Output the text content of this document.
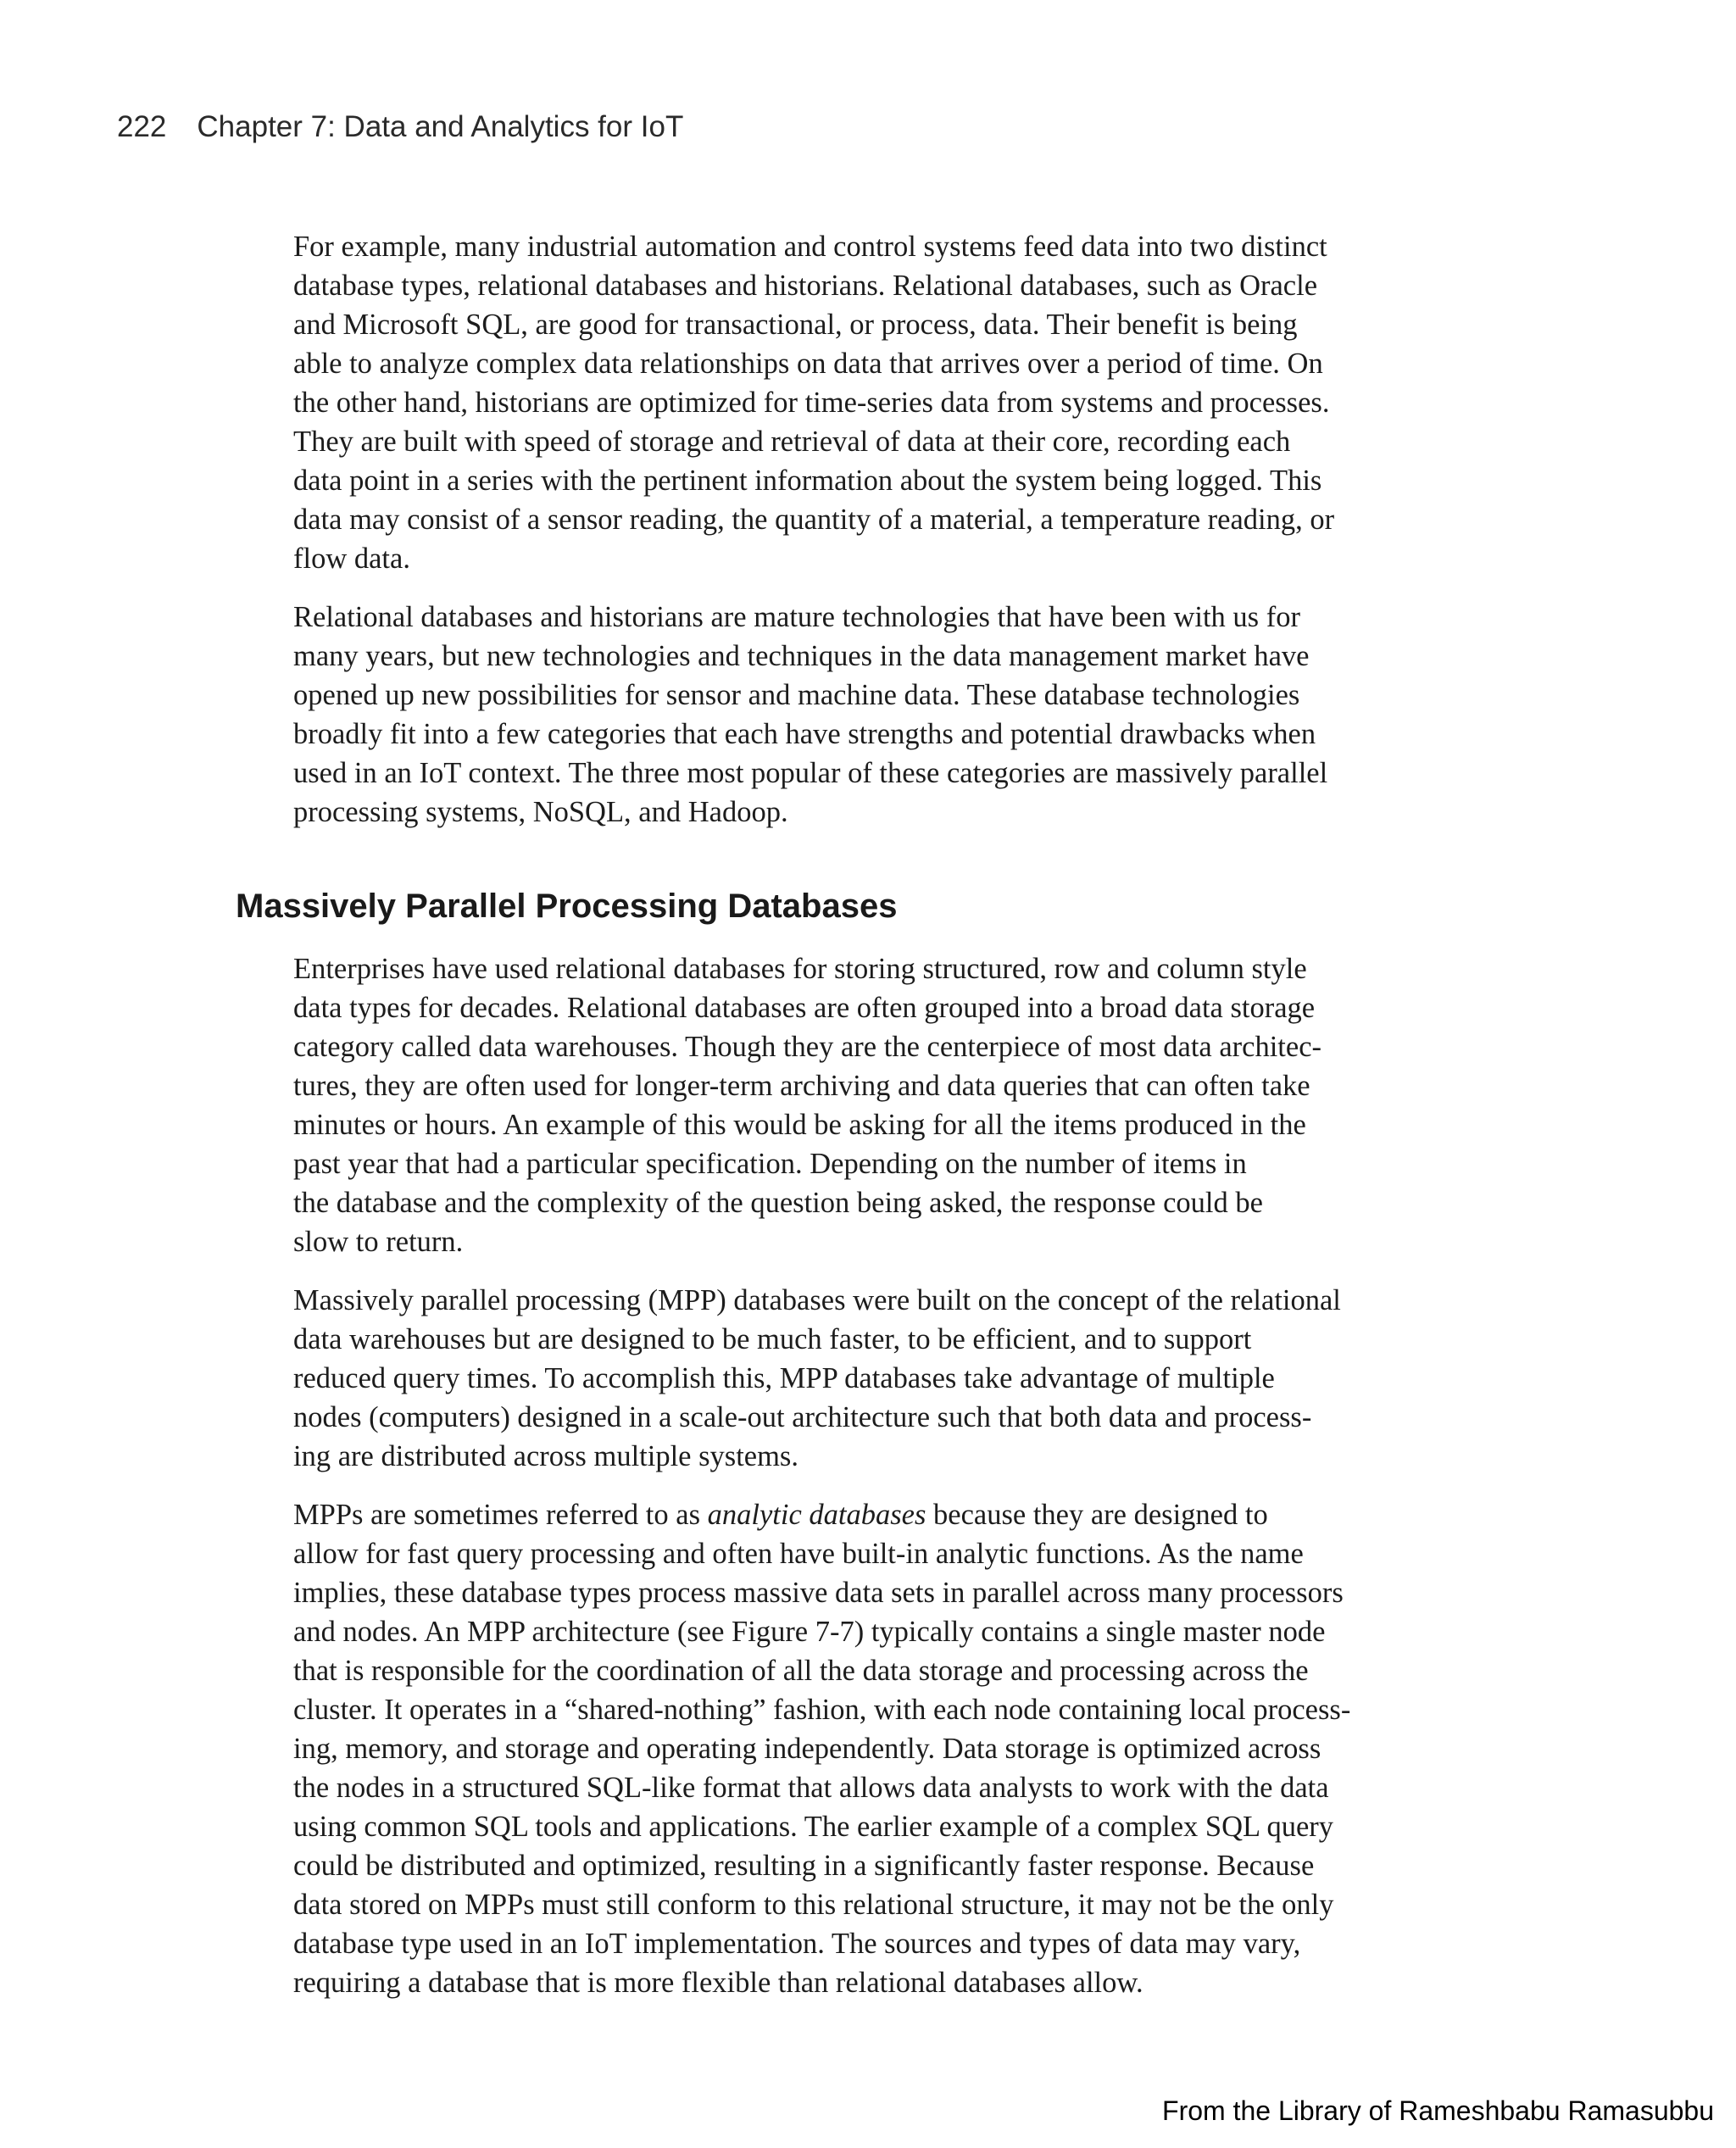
222 Chapter 7: Data and Analytics for IoT

For example, many industrial automation and control systems feed data into two distinct
database types, relational databases and historians. Relational databases, such as Oracle
and Microsoft SQL, are good for transactional, or process, data. Their benefit is being
able to analyze complex data relationships on data that arrives over a period of time. On
the other hand, historians are optimized for time-series data from systems and processes.
They are built with speed of storage and retrieval of data at their core, recording each
data point in a series with the pertinent information about the system being logged. This
data may consist of a sensor reading, the quantity of a material, a temperature reading, or
flow data.

Relational databases and historians are mature technologies that have been with us for
many years, but new technologies and techniques in the data management market have
opened up new possibilities for sensor and machine data. These database technologies
broadly fit into a few categories that each have strengths and potential drawbacks when
used in an IoT context. The three most popular of these categories are massively parallel
processing systems, NoSQL, and Hadoop.

Massively Parallel Processing Databases

Enterprises have used relational databases for storing structured, row and column style
data types for decades. Relational databases are often grouped into a broad data storage
category called data warehouses. Though they are the centerpiece of most data architec-
tures, they are often used for longer-term archiving and data queries that can often take
minutes or hours. An example of this would be asking for all the items produced in the
past year that had a particular specification. Depending on the number of items in
the database and the complexity of the question being asked, the response could be
slow to return.

Massively parallel processing (MPP) databases were built on the concept of the relational
data warehouses but are designed to be much faster, to be efficient, and to support
reduced query times. To accomplish this, MPP databases take advantage of multiple
nodes (computers) designed in a scale-out architecture such that both data and process-
ing are distributed across multiple systems.

MPPs are sometimes referred to as analytic databases because they are designed to
allow for fast query processing and often have built-in analytic functions. As the name
implies, these database types process massive data sets in parallel across many processors
and nodes. An MPP architecture (see Figure 7-7) typically contains a single master node
that is responsible for the coordination of all the data storage and processing across the
cluster. It operates in a “shared-nothing” fashion, with each node containing local process-
ing, memory, and storage and operating independently. Data storage is optimized across
the nodes in a structured SQL-like format that allows data analysts to work with the data
using common SQL tools and applications. The earlier example of a complex SQL query
could be distributed and optimized, resulting in a significantly faster response. Because
data stored on MPPs must still conform to this relational structure, it may not be the only
database type used in an IoT implementation. The sources and types of data may vary,
requiring a database that is more flexible than relational databases allow.

From the Library of Rameshbabu Ramasubbu
